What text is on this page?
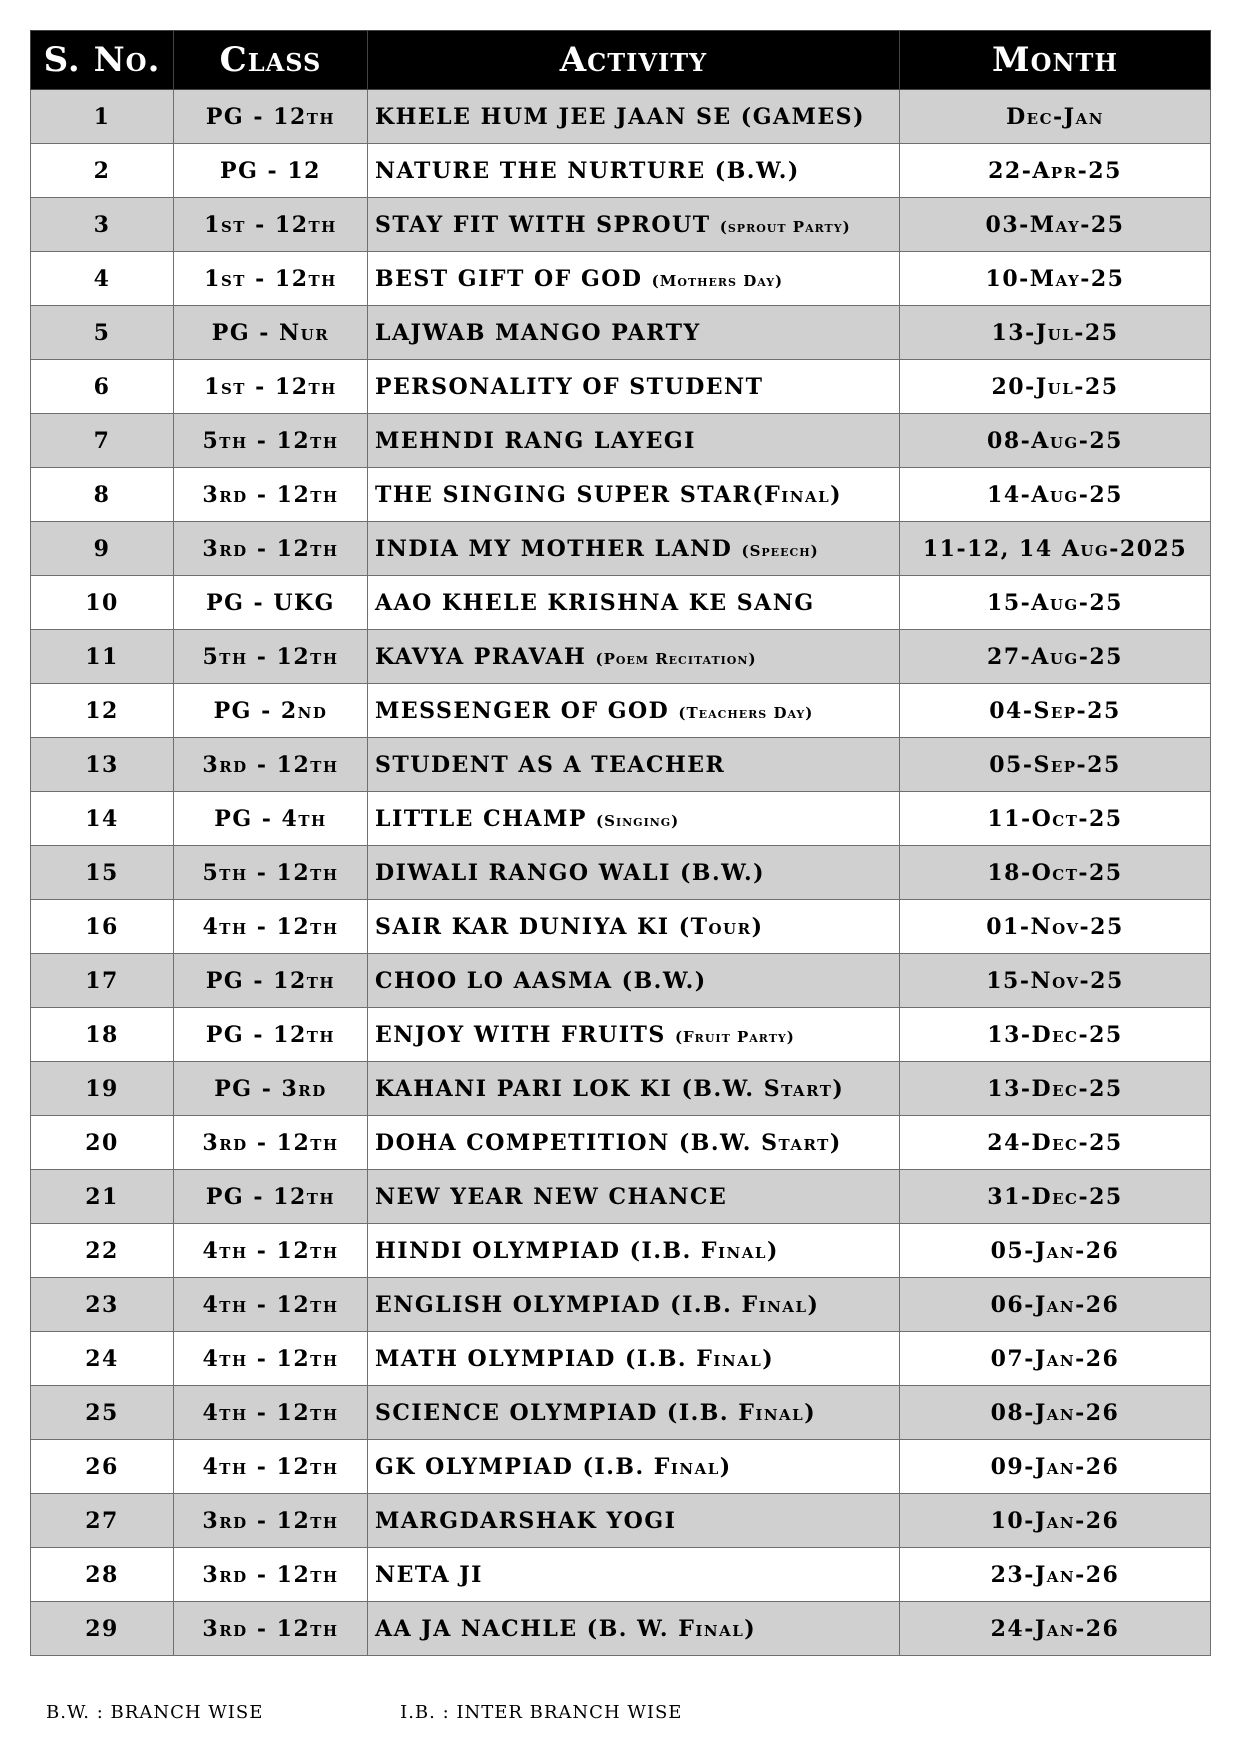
S. No.	Class	Activity	Month
1	PG - 12th	KHELE HUM JEE JAAN SE (GAMES)	Dec-Jan
2	PG - 12	NATURE THE NURTURE (B.W.)	22-Apr-25
3	1st - 12th	STAY FIT WITH SPROUT (sprout Party)	03-May-25
4	1st - 12th	BEST GIFT OF GOD (Mothers Day)	10-May-25
5	PG - Nur	LAJWAB MANGO PARTY	13-Jul-25
6	1st - 12th	PERSONALITY OF STUDENT	20-Jul-25
7	5th - 12th	MEHNDI RANG LAYEGI	08-Aug-25
8	3rd - 12th	THE SINGING SUPER STAR(Final)	14-Aug-25
9	3rd - 12th	INDIA MY MOTHER LAND (Speech)	11-12, 14 Aug-2025
10	PG - UKG	AAO KHELE KRISHNA KE SANG	15-Aug-25
11	5th - 12th	KAVYA PRAVAH (Poem Recitation)	27-Aug-25
12	PG - 2nd	MESSENGER OF GOD (Teachers Day)	04-Sep-25
13	3rd - 12th	STUDENT AS A TEACHER	05-Sep-25
14	PG - 4th	LITTLE CHAMP (Singing)	11-Oct-25
15	5th - 12th	DIWALI RANGO WALI (B.W.)	18-Oct-25
16	4th - 12th	SAIR KAR DUNIYA KI (Tour)	01-Nov-25
17	PG - 12th	CHOO LO AASMA (B.W.)	15-Nov-25
18	PG - 12th	ENJOY WITH FRUITS (Fruit Party)	13-Dec-25
19	PG - 3rd	KAHANI PARI LOK KI (B.W. Start)	13-Dec-25
20	3rd - 12th	DOHA COMPETITION (B.W. Start)	24-Dec-25
21	PG - 12th	NEW YEAR NEW CHANCE	31-Dec-25
22	4th - 12th	HINDI OLYMPIAD (I.B. Final)	05-Jan-26
23	4th - 12th	ENGLISH OLYMPIAD (I.B. Final)	06-Jan-26
24	4th - 12th	MATH OLYMPIAD (I.B. Final)	07-Jan-26
25	4th - 12th	SCIENCE OLYMPIAD (I.B. Final)	08-Jan-26
26	4th - 12th	GK OLYMPIAD (I.B. Final)	09-Jan-26
27	3rd - 12th	MARGDARSHAK YOGI	10-Jan-26
28	3rd - 12th	NETA JI	23-Jan-26
29	3rd - 12th	AA JA NACHLE (B. W. Final)	24-Jan-26
B.W. : BRANCH WISE	I.B. : INTER BRANCH WISE
